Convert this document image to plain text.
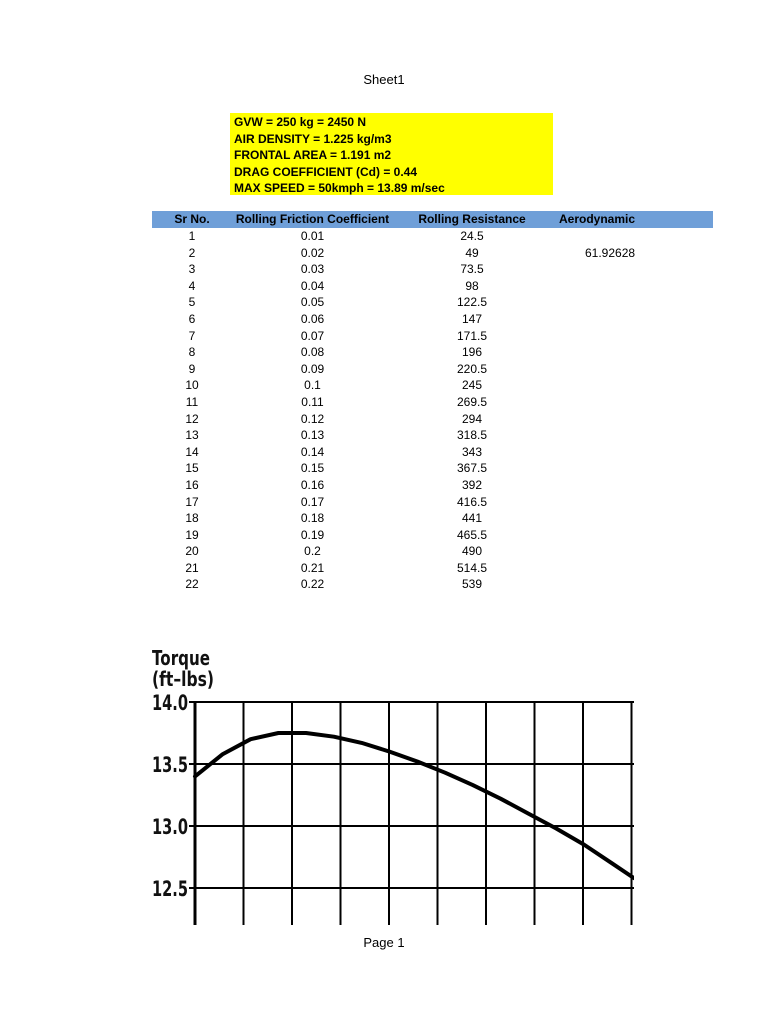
Sheet1
GVW = 250 kg = 2450 N
AIR DENSITY = 1.225 kg/m3
FRONTAL AREA = 1.191 m2
DRAG COEFFICIENT (Cd) = 0.44
MAX SPEED = 50kmph = 13.89 m/sec
Sr No.	Rolling Friction Coefficient	Rolling Resistance	Aerodynamic
1	0.01	24.5
2	0.02	49	61.92628
3	0.03	73.5
4	0.04	98
5	0.05	122.5
6	0.06	147
7	0.07	171.5
8	0.08	196
9	0.09	220.5
10	0.1	245
11	0.11	269.5
12	0.12	294
13	0.13	318.5
14	0.14	343
15	0.15	367.5
16	0.16	392
17	0.17	416.5
18	0.18	441
19	0.19	465.5
20	0.2	490
21	0.21	514.5
22	0.22	539
14.0
13.5
13.0
12.5
Torque
(ft–lbs)
Page 1
